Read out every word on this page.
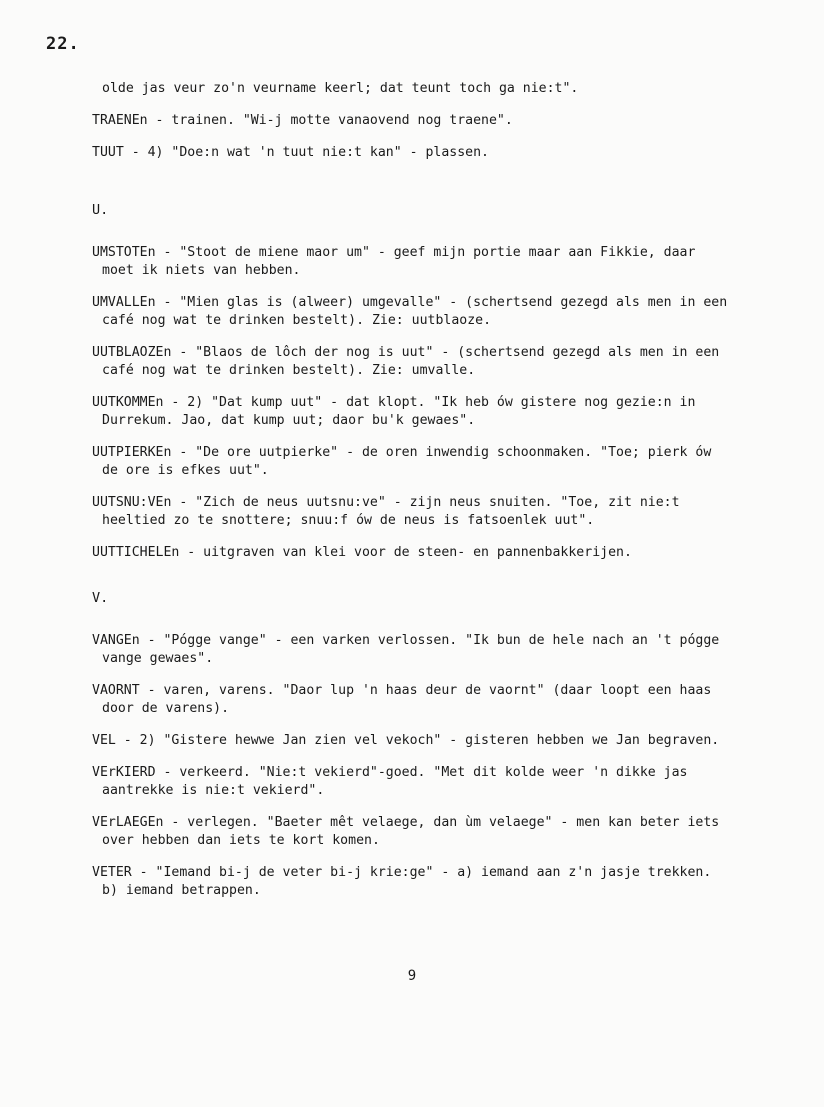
22.

olde jas veur zo'n veurname keerl; dat teunt toch ga nie:t".

TRAENEn - trainen. "Wi-j motte vanaovend nog traene".

TUUT - 4) "Doe:n wat 'n tuut nie:t kan" - plassen.

U.

UMSTOTEn - "Stoot de miene maor um" - geef mijn portie maar aan Fikkie, daar moet ik niets van hebben.

UMVALLEn - "Mien glas is (alweer) umgevalle" - (schertsend gezegd als men in een café nog wat te drinken bestelt). Zie: uutblaoze.

UUTBLAOZEn - "Blaos de lôch der nog is uut" - (schertsend gezegd als men in een café nog wat te drinken bestelt). Zie: umvalle.

UUTKOMMEn - 2) "Dat kump uut" - dat klopt. "Ik heb ów gistere nog gezie:n in Durrekum. Jao, dat kump uut; daor bu'k gewaes".

UUTPIERKEn - "De ore uutpierke" - de oren inwendig schoonmaken. "Toe; pierk ów de ore is efkes uut".

UUTSNU:VEn - "Zich de neus uutsnu:ve" - zijn neus snuiten. "Toe, zit nie:t heeltied zo te snottere; snuu:f ów de neus is fatsoenlek uut".

UUTTICHELEn - uitgraven van klei voor de steen- en pannenbakkerijen.

V.

VANGEn - "Pógge vange" - een varken verlossen. "Ik bun de hele nach an 't pógge vange gewaes".

VAORNT - varen, varens. "Daor lup 'n haas deur de vaornt" (daar loopt een haas door de varens).

VEL - 2) "Gistere hewwe Jan zien vel vekoch" - gisteren hebben we Jan begraven.

VErKIERD - verkeerd. "Nie:t vekierd"-goed. "Met dit kolde weer 'n dikke jas aantrekke is nie:t vekierd".

VErLAEGEn - verlegen. "Baeter mêt velaege, dan ùm velaege" - men kan beter iets over hebben dan iets te kort komen.

VETER - "Iemand bi-j de veter bi-j krie:ge" - a) iemand aan z'n jasje trekken. b) iemand betrappen.

9
